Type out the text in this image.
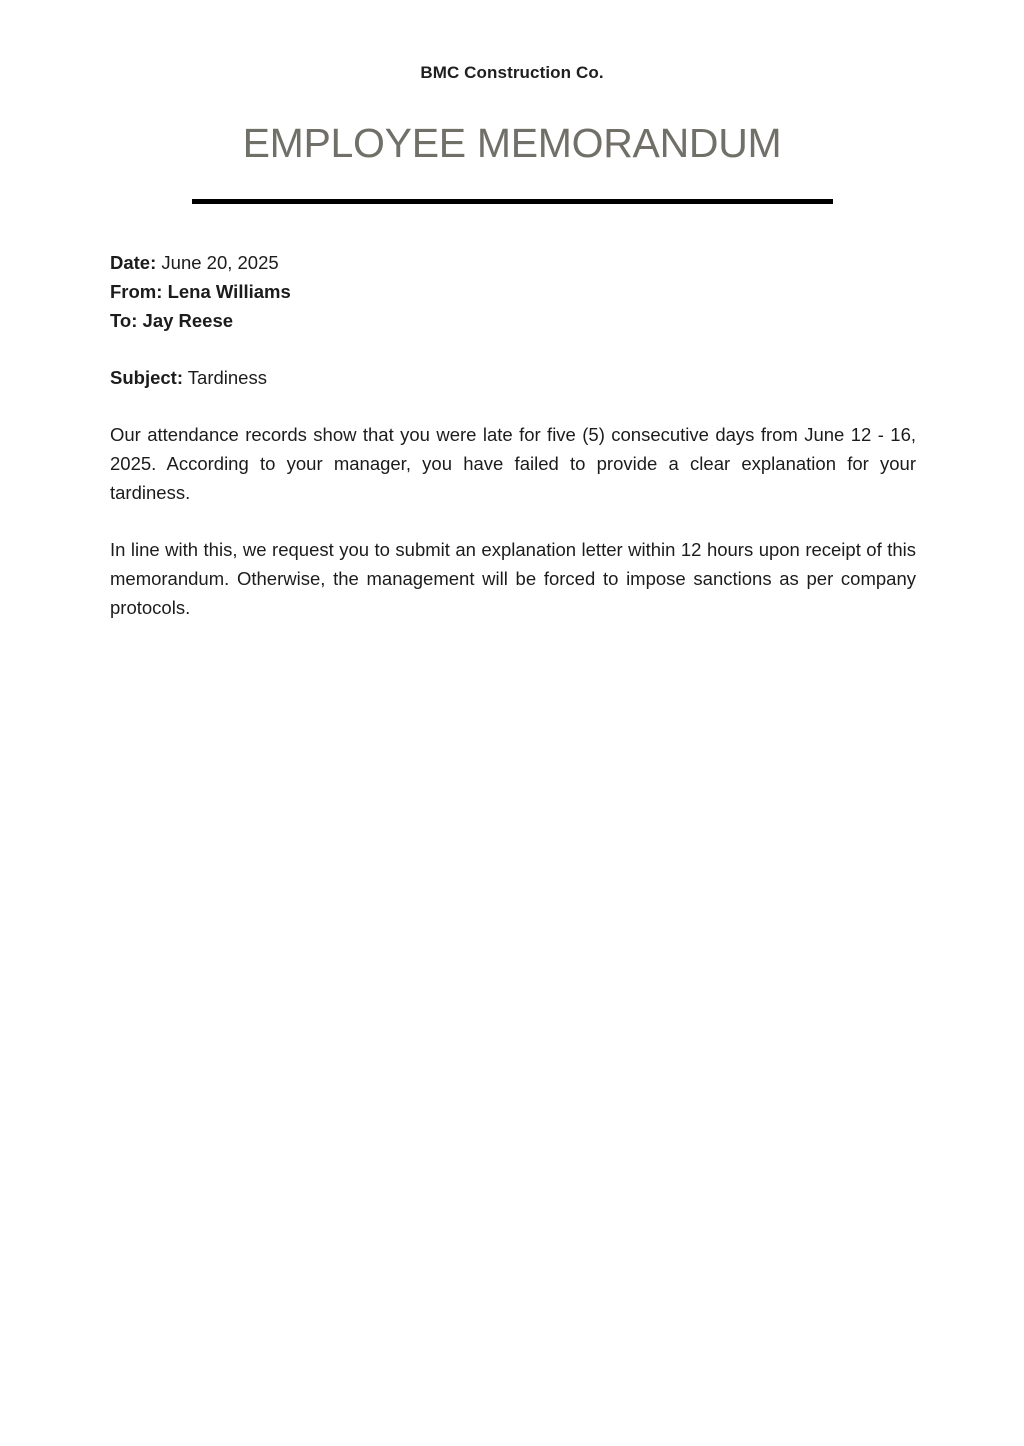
BMC Construction Co.
EMPLOYEE MEMORANDUM
Date: June 20, 2025
From: Lena Williams
To: Jay Reese
Subject: Tardiness

Our attendance records show that you were late for five (5) consecutive days from June 12 - 16, 2025. According to your manager, you have failed to provide a clear explanation for your tardiness.

In line with this, we request you to submit an explanation letter within 12 hours upon receipt of this memorandum. Otherwise, the management will be forced to impose sanctions as per company protocols.
